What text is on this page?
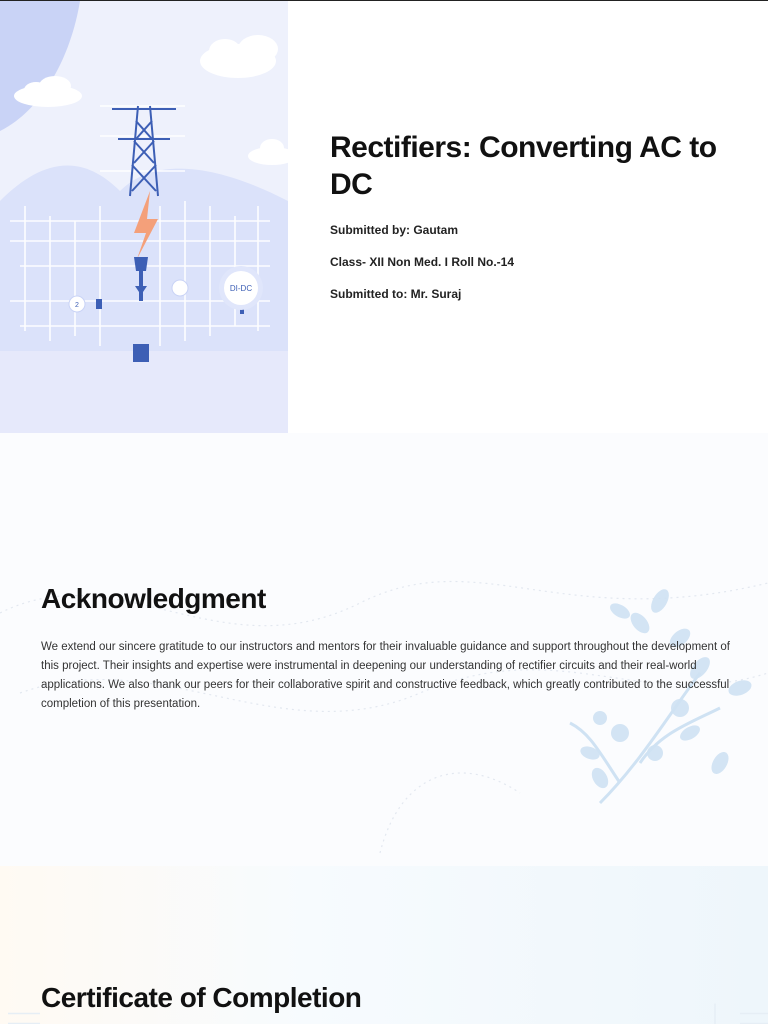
2
DI-DC
Rectifiers: Converting AC to DC

Submitted by: Gautam

Class- XII Non Med. I Roll No.-14

Submitted to: Mr. Suraj

Acknowledgment

We extend our sincere gratitude to our instructors and mentors for their invaluable guidance and support throughout the development of this project. Their insights and expertise were instrumental in deepening our understanding of rectifier circuits and their real-world applications. We also thank our peers for their collaborative spirit and constructive feedback, which greatly contributed to the successful completion of this presentation.

Certificate of Completion
